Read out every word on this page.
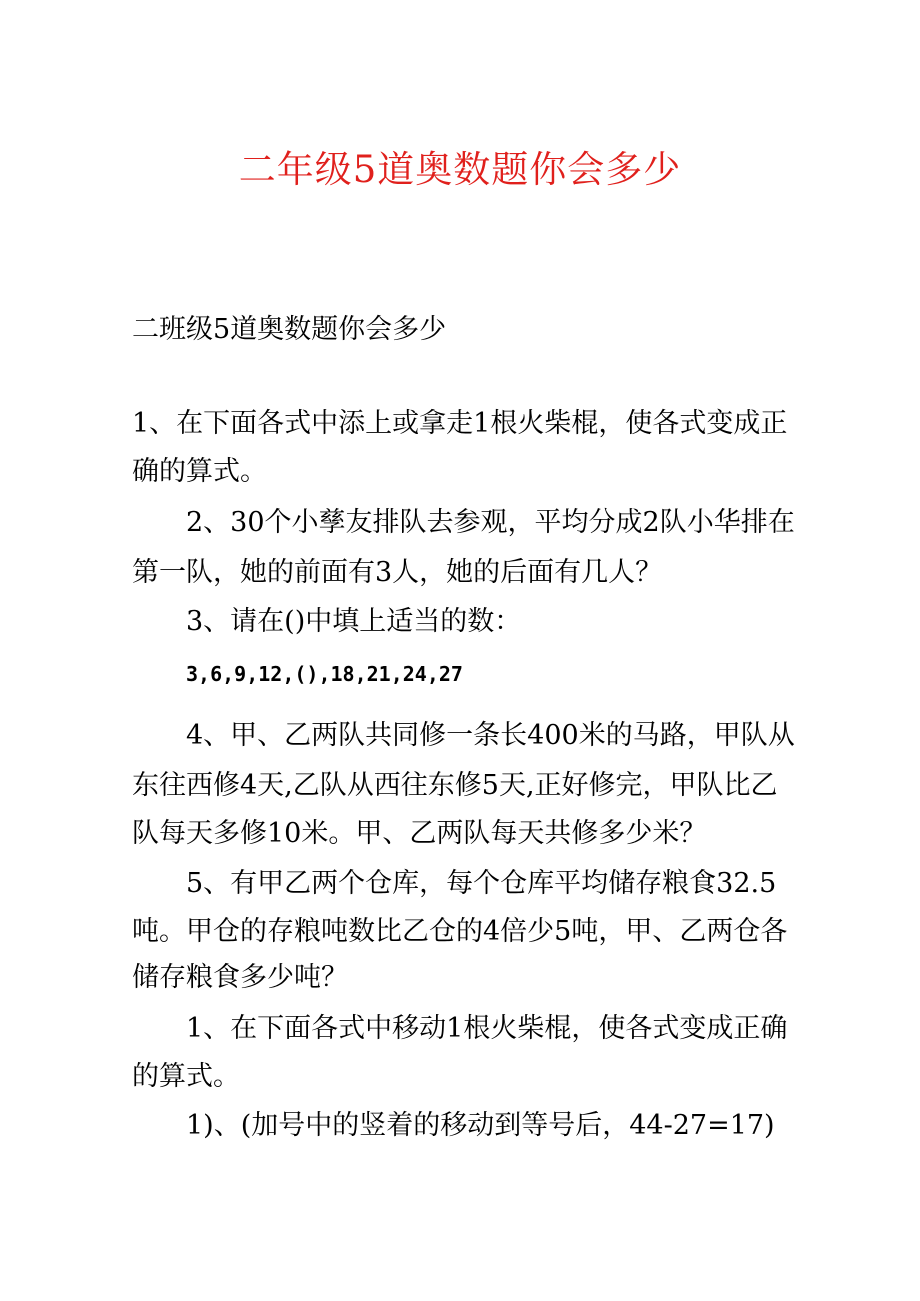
二年级5道奥数题你会多少
二班级5道奥数题你会多少
1、在下面各式中添上或拿走1根火柴棍，使各式变成正
确的算式。
2、30个小孳友排队去参观，平均分成2队小华排在
第一队，她的前面有3人，她的后面有几人？
3、请在()中填上适当的数：
3,6,9,12,(),18,21,24,27
4、甲、乙两队共同修一条长400米的马路，甲队从
东往西修4天,乙队从西往东修5天,正好修完，甲队比乙
队每天多修10米。甲、乙两队每天共修多少米？
5、有甲乙两个仓库，每个仓库平均储存粮食32.5
吨。甲仓的存粮吨数比乙仓的4倍少5吨，甲、乙两仓各
储存粮食多少吨？
1、在下面各式中移动1根火柴棍，使各式变成正确
的算式。
1)、(加号中的竖着的移动到等号后，44-27=17)
